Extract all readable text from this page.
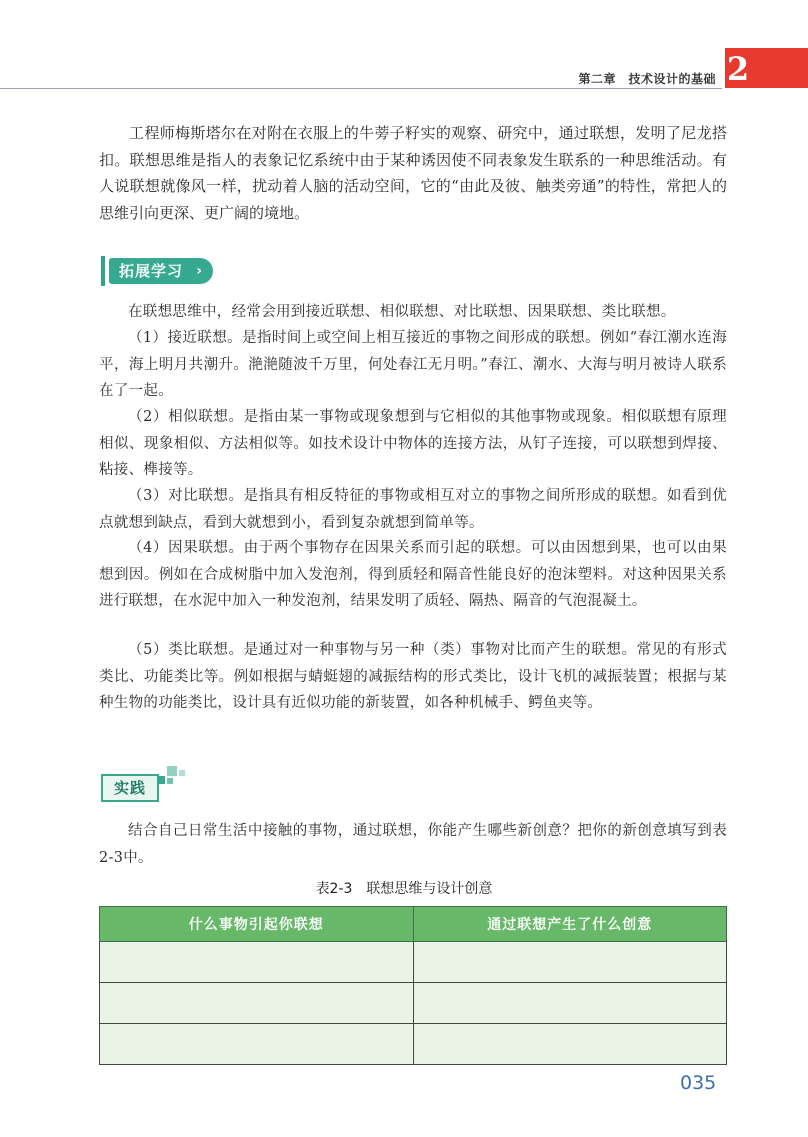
第二章　技术设计的基础 2

工程师梅斯塔尔在对附在衣服上的牛蒡子籽实的观察、研究中，通过联想，发明了尼龙搭扣。联想思维是指人的表象记忆系统中由于某种诱因使不同表象发生联系的一种思维活动。有人说联想就像风一样，扰动着人脑的活动空间，它的“由此及彼、触类旁通”的特性，常把人的思维引向更深、更广阔的境地。

拓展学习 ›

在联想思维中，经常会用到接近联想、相似联想、对比联想、因果联想、类比联想。

（1）接近联想。是指时间上或空间上相互接近的事物之间形成的联想。例如“春江潮水连海平，海上明月共潮升。滟滟随波千万里，何处春江无月明。”春江、潮水、大海与明月被诗人联系在了一起。

（2）相似联想。是指由某一事物或现象想到与它相似的其他事物或现象。相似联想有原理相似、现象相似、方法相似等。如技术设计中物体的连接方法，从钉子连接，可以联想到焊接、粘接、榫接等。

（3）对比联想。是指具有相反特征的事物或相互对立的事物之间所形成的联想。如看到优点就想到缺点，看到大就想到小，看到复杂就想到简单等。

（4）因果联想。由于两个事物存在因果关系而引起的联想。可以由因想到果，也可以由果想到因。例如在合成树脂中加入发泡剂，得到质轻和隔音性能良好的泡沫塑料。对这种因果关系进行联想，在水泥中加入一种发泡剂，结果发明了质轻、隔热、隔音的气泡混凝土。

（5）类比联想。是通过对一种事物与另一种（类）事物对比而产生的联想。常见的有形式类比、功能类比等。例如根据与蜻蜓翅的减振结构的形式类比，设计飞机的减振装置；根据与某种生物的功能类比，设计具有近似功能的新装置，如各种机械手、鳄鱼夹等。

实践

结合自己日常生活中接触的事物，通过联想，你能产生哪些新创意？把你的新创意填写到表2-3中。

表2-3　联想思维与设计创意
什么事物引起你联想	通过联想产生了什么创意

035
